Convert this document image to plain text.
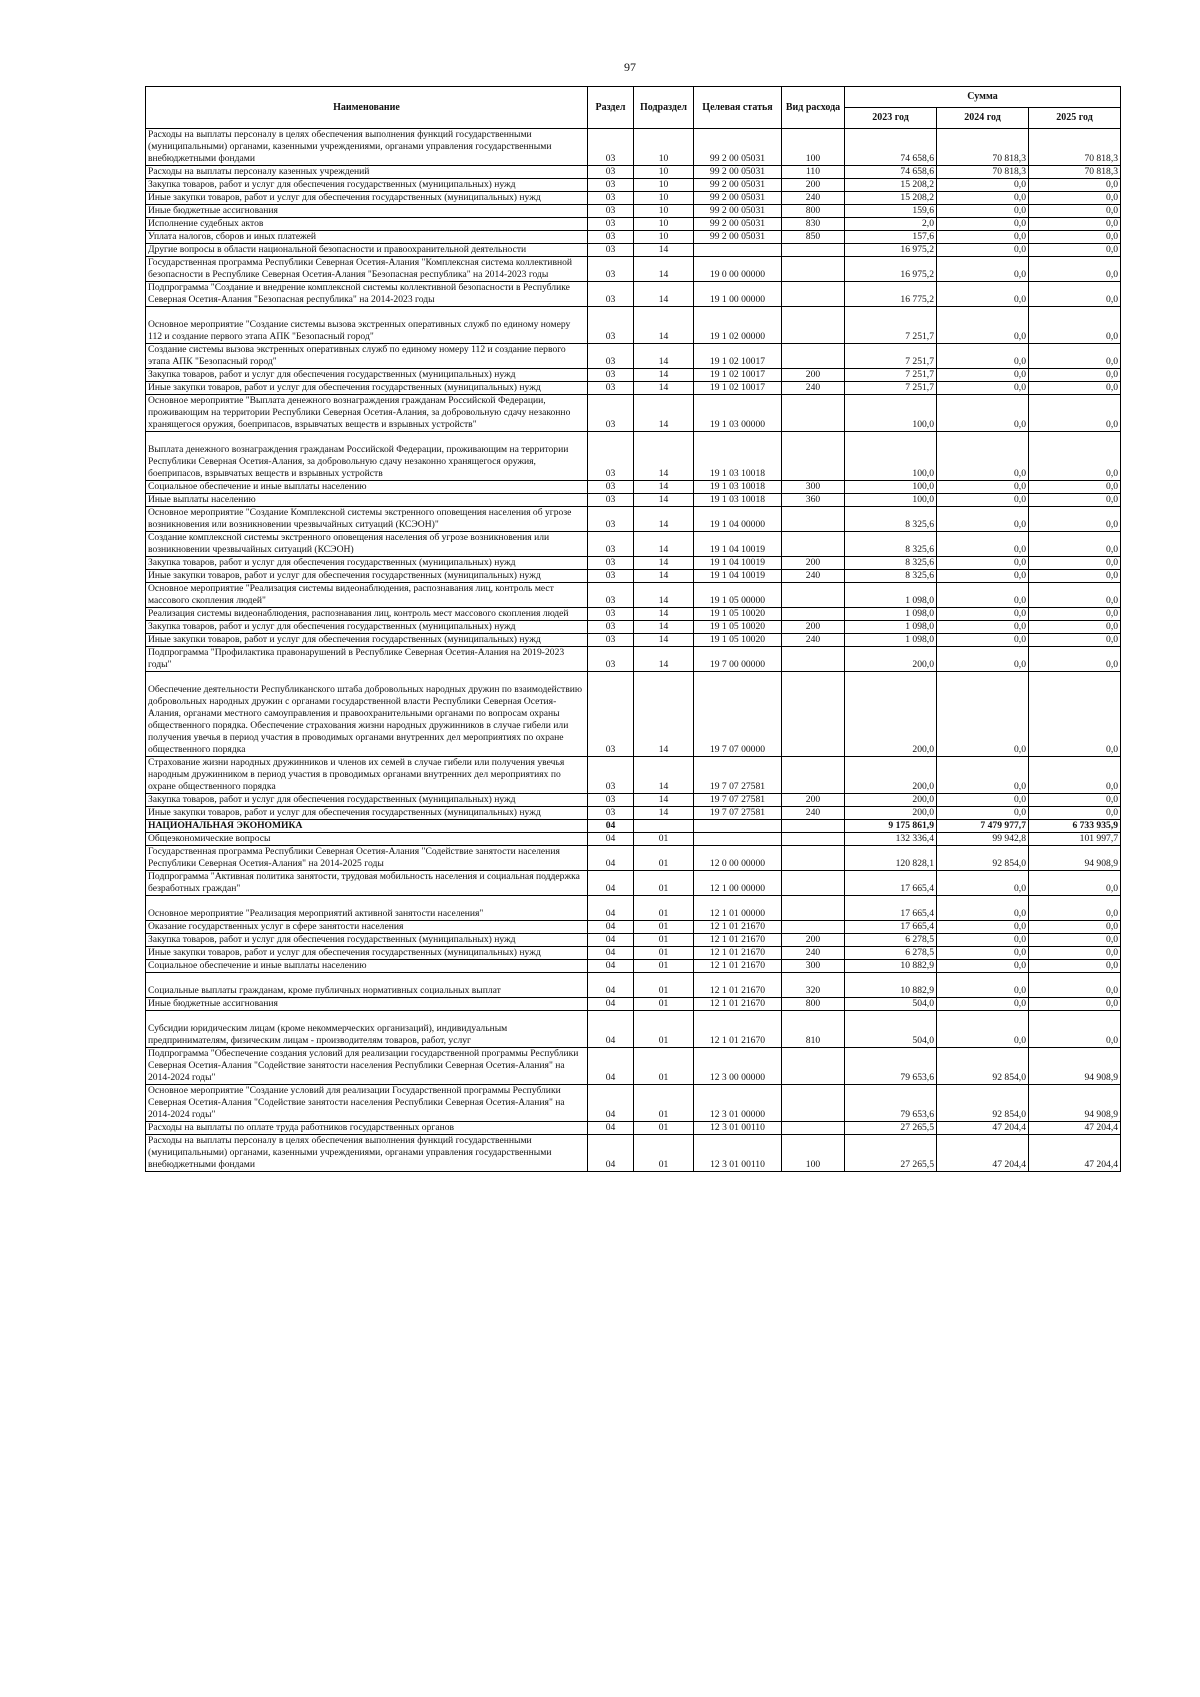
97
Наименование	Раздел	Подраздел	Целевая статья	Вид расхода	Сумма		
					2023 год	2024 год	2025 год
Расходы на выплаты персоналу в целях обеспечения выполнения функций государственными (муниципальными) органами, казенными учреждениями, органами управления государственными внебюджетными фондами	03	10	99 2 00 05031	100	74 658,6	70 818,3	70 818,3
Расходы на выплаты персоналу казенных учреждений	03	10	99 2 00 05031	110	74 658,6	70 818,3	70 818,3
Закупка товаров, работ и услуг для обеспечения государственных (муниципальных) нужд	03	10	99 2 00 05031	200	15 208,2	0,0	0,0
Иные закупки товаров, работ и услуг для обеспечения государственных (муниципальных) нужд	03	10	99 2 00 05031	240	15 208,2	0,0	0,0
Иные бюджетные ассигнования	03	10	99 2 00 05031	800	159,6	0,0	0,0
Исполнение судебных актов	03	10	99 2 00 05031	830	2,0	0,0	0,0
Уплата налогов, сборов и иных платежей	03	10	99 2 00 05031	850	157,6	0,0	0,0
Другие вопросы в области национальной безопасности и правоохранительной деятельности	03	14			16 975,2	0,0	0,0
Государственная программа Республики Северная Осетия-Алания "Комплексная система коллективной безопасности в Республике Северная Осетия-Алания "Безопасная республика" на 2014-2023 годы	03	14	19 0 00 00000		16 975,2	0,0	0,0
Подпрограмма "Создание и внедрение комплексной системы коллективной безопасности в Республике Северная Осетия-Алания "Безопасная республика" на 2014-2023 годы	03	14	19 1 00 00000		16 775,2	0,0	0,0
Основное мероприятие "Создание системы вызова экстренных оперативных служб по единому номеру 112 и создание первого этапа АПК "Безопасный город"	03	14	19 1 02 00000		7 251,7	0,0	0,0
Создание системы вызова экстренных оперативных служб по единому номеру 112 и создание первого этапа АПК "Безопасный город"	03	14	19 1 02 10017		7 251,7	0,0	0,0
Закупка товаров, работ и услуг для обеспечения государственных (муниципальных) нужд	03	14	19 1 02 10017	200	7 251,7	0,0	0,0
Иные закупки товаров, работ и услуг для обеспечения государственных (муниципальных) нужд	03	14	19 1 02 10017	240	7 251,7	0,0	0,0
Основное мероприятие "Выплата денежного вознаграждения гражданам Российской Федерации, проживающим на территории Республики Северная Осетия-Алания, за добровольную сдачу незаконно хранящегося оружия, боеприпасов, взрывчатых веществ и взрывных устройств"	03	14	19 1 03 00000		100,0	0,0	0,0
Выплата денежного вознаграждения гражданам Российской Федерации, проживающим на территории Республики Северная Осетия-Алания, за добровольную сдачу незаконно хранящегося оружия, боеприпасов, взрывчатых веществ и взрывных устройств	03	14	19 1 03 10018		100,0	0,0	0,0
Социальное обеспечение и иные выплаты населению	03	14	19 1 03 10018	300	100,0	0,0	0,0
Иные выплаты населению	03	14	19 1 03 10018	360	100,0	0,0	0,0
Основное мероприятие "Создание Комплексной системы экстренного оповещения населения об угрозе возникновения или возникновении чрезвычайных ситуаций (КСЭОН)"	03	14	19 1 04 00000		8 325,6	0,0	0,0
Создание комплексной системы экстренного оповещения населения об угрозе возникновения или возникновении чрезвычайных ситуаций (КСЭОН)	03	14	19 1 04 10019		8 325,6	0,0	0,0
Закупка товаров, работ и услуг для обеспечения государственных (муниципальных) нужд	03	14	19 1 04 10019	200	8 325,6	0,0	0,0
Иные закупки товаров, работ и услуг для обеспечения государственных (муниципальных) нужд	03	14	19 1 04 10019	240	8 325,6	0,0	0,0
Основное мероприятие "Реализация системы видеонаблюдения, распознавания лиц, контроль мест массового скопления людей"	03	14	19 1 05 00000		1 098,0	0,0	0,0
Реализация системы видеонаблюдения, распознавания лиц, контроль мест массового скопления людей	03	14	19 1 05 10020		1 098,0	0,0	0,0
Закупка товаров, работ и услуг для обеспечения государственных (муниципальных) нужд	03	14	19 1 05 10020	200	1 098,0	0,0	0,0
Иные закупки товаров, работ и услуг для обеспечения государственных (муниципальных) нужд	03	14	19 1 05 10020	240	1 098,0	0,0	0,0
Подпрограмма "Профилактика правонарушений в Республике Северная Осетия-Алания на 2019-2023 годы"	03	14	19 7 00 00000		200,0	0,0	0,0
Обеспечение деятельности Республиканского штаба добровольных народных дружин по взаимодействию добровольных народных дружин с органами государственной власти Республики Северная Осетия-Алания, органами местного самоуправления и правоохранительными органами по вопросам охраны общественного порядка. Обеспечение страхования жизни народных дружинников в случае гибели или получения увечья в период участия в проводимых органами внутренних дел мероприятиях по охране общественного порядка	03	14	19 7 07 00000		200,0	0,0	0,0
Страхование жизни народных дружинников и членов их семей в случае гибели или получения увечья народным дружинником в период участия в проводимых органами внутренних дел мероприятиях по охране общественного порядка	03	14	19 7 07 27581		200,0	0,0	0,0
Закупка товаров, работ и услуг для обеспечения государственных (муниципальных) нужд	03	14	19 7 07 27581	200	200,0	0,0	0,0
Иные закупки товаров, работ и услуг для обеспечения государственных (муниципальных) нужд	03	14	19 7 07 27581	240	200,0	0,0	0,0
НАЦИОНАЛЬНАЯ ЭКОНОМИКА	04				9 175 861,9	7 479 977,7	6 733 935,9
Общеэкономические вопросы	04	01			132 336,4	99 942,8	101 997,7
Государственная программа Республики Северная Осетия-Алания "Содействие занятости населения Республики Северная Осетия-Алания" на 2014-2025 годы	04	01	12 0 00 00000		120 828,1	92 854,0	94 908,9
Подпрограмма "Активная политика занятости, трудовая мобильность населения и социальная поддержка безработных граждан"	04	01	12 1 00 00000		17 665,4	0,0	0,0
Основное мероприятие "Реализация мероприятий активной занятости населения"	04	01	12 1 01 00000		17 665,4	0,0	0,0
Оказание государственных услуг в сфере занятости населения	04	01	12 1 01 21670		17 665,4	0,0	0,0
Закупка товаров, работ и услуг для обеспечения государственных (муниципальных) нужд	04	01	12 1 01 21670	200	6 278,5	0,0	0,0
Иные закупки товаров, работ и услуг для обеспечения государственных (муниципальных) нужд	04	01	12 1 01 21670	240	6 278,5	0,0	0,0
Социальное обеспечение и иные выплаты населению	04	01	12 1 01 21670	300	10 882,9	0,0	0,0
Социальные выплаты гражданам, кроме публичных нормативных социальных выплат	04	01	12 1 01 21670	320	10 882,9	0,0	0,0
Иные бюджетные ассигнования	04	01	12 1 01 21670	800	504,0	0,0	0,0
Субсидии юридическим лицам (кроме некоммерческих организаций), индивидуальным предпринимателям, физическим лицам - производителям товаров, работ, услуг	04	01	12 1 01 21670	810	504,0	0,0	0,0
Подпрограмма "Обеспечение создания условий для реализации государственной программы Республики Северная Осетия-Алания "Содействие занятости населения Республики Северная Осетия-Алания" на 2014-2024 годы"	04	01	12 3 00 00000		79 653,6	92 854,0	94 908,9
Основное мероприятие "Создание условий для реализации Государственной программы Республики Северная Осетия-Алания "Содействие занятости населения Республики Северная Осетия-Алания" на 2014-2024 годы"	04	01	12 3 01 00000		79 653,6	92 854,0	94 908,9
Расходы на выплаты по оплате труда работников государственных органов	04	01	12 3 01 00110		27 265,5	47 204,4	47 204,4
Расходы на выплаты персоналу в целях обеспечения выполнения функций государственными (муниципальными) органами, казенными учреждениями, органами управления государственными внебюджетными фондами	04	01	12 3 01 00110	100	27 265,5	47 204,4	47 204,4
